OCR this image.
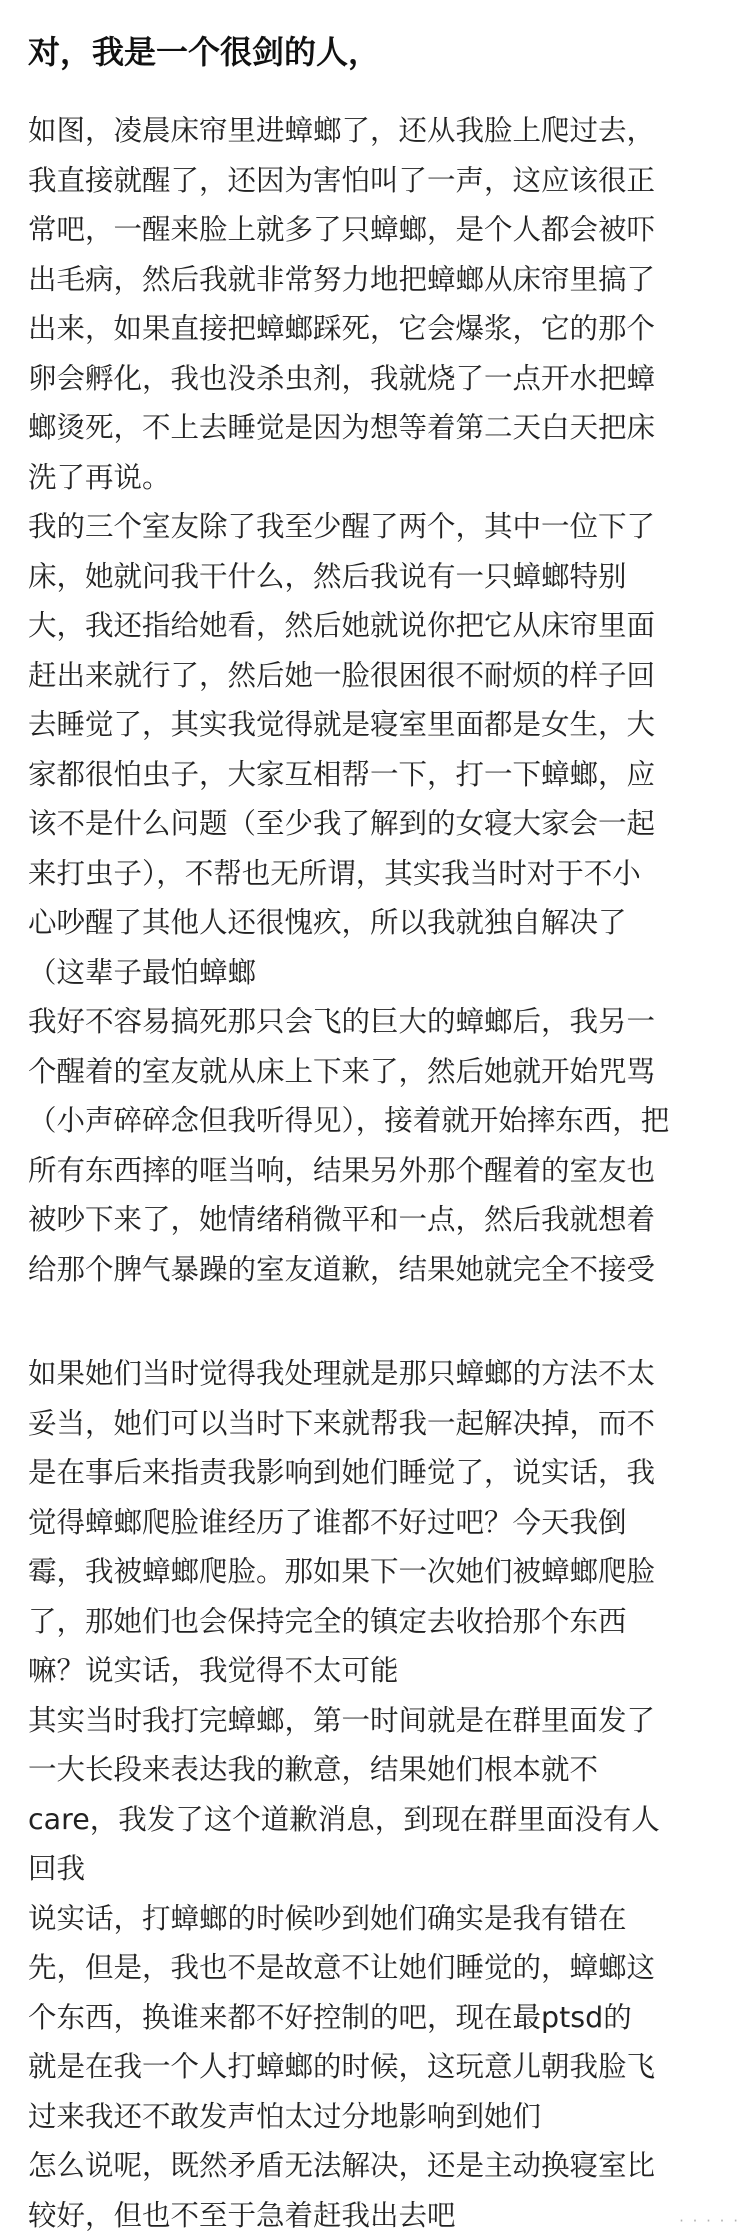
对，我是一个很剑的人，
如图，凌晨床帘里进蟑螂了，还从我脸上爬过去，
我直接就醒了，还因为害怕叫了一声，这应该很正
常吧，一醒来脸上就多了只蟑螂，是个人都会被吓
出毛病，然后我就非常努力地把蟑螂从床帘里搞了
出来，如果直接把蟑螂踩死，它会爆浆，它的那个
卵会孵化，我也没杀虫剂，我就烧了一点开水把蟑
螂烫死，不上去睡觉是因为想等着第二天白天把床
洗了再说。
我的三个室友除了我至少醒了两个，其中一位下了
床，她就问我干什么，然后我说有一只蟑螂特别
大，我还指给她看，然后她就说你把它从床帘里面
赶出来就行了，然后她一脸很困很不耐烦的样子回
去睡觉了，其实我觉得就是寝室里面都是女生，大
家都很怕虫子，大家互相帮一下，打一下蟑螂，应
该不是什么问题（至少我了解到的女寝大家会一起
来打虫子），不帮也无所谓，其实我当时对于不小
心吵醒了其他人还很愧疚，所以我就独自解决了
（这辈子最怕蟑螂
我好不容易搞死那只会飞的巨大的蟑螂后，我另一
个醒着的室友就从床上下来了，然后她就开始咒骂
（小声碎碎念但我听得见），接着就开始摔东西，把
所有东西摔的哐当响，结果另外那个醒着的室友也
被吵下来了，她情绪稍微平和一点，然后我就想着
给那个脾气暴躁的室友道歉，结果她就完全不接受
如果她们当时觉得我处理就是那只蟑螂的方法不太
妥当，她们可以当时下来就帮我一起解决掉，而不
是在事后来指责我影响到她们睡觉了，说实话，我
觉得蟑螂爬脸谁经历了谁都不好过吧？今天我倒
霉，我被蟑螂爬脸。那如果下一次她们被蟑螂爬脸
了，那她们也会保持完全的镇定去收拾那个东西
嘛？说实话，我觉得不太可能
其实当时我打完蟑螂，第一时间就是在群里面发了
一大长段来表达我的歉意，结果她们根本就不
care，我发了这个道歉消息，到现在群里面没有人
回我
说实话，打蟑螂的时候吵到她们确实是我有错在
先，但是，我也不是故意不让她们睡觉的，蟑螂这
个东西，换谁来都不好控制的吧，现在最ptsd的
就是在我一个人打蟑螂的时候，这玩意儿朝我脸飞
过来我还不敢发声怕太过分地影响到她们
怎么说呢，既然矛盾无法解决，还是主动换寝室比
较好，但也不至于急着赶我出去吧	· · · · ·
